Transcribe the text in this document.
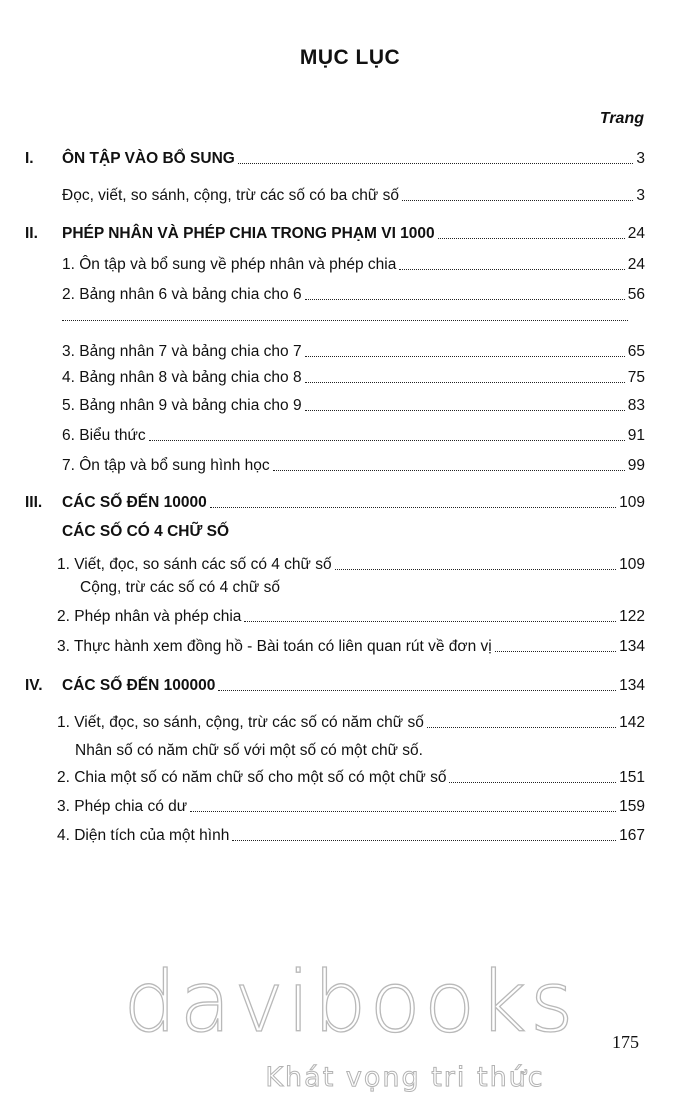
MỤC LỤC
Trang
I. ÔN TẬP VÀO BỔ SUNG	3
Đọc, viết, so sánh, cộng, trừ các số có ba chữ số	3
II. PHÉP NHÂN VÀ PHÉP CHIA TRONG PHẠM VI 1000	24
1. Ôn tập và bổ sung về phép nhân và phép chia	24
2. Bảng nhân 6 và bảng chia cho 6	56
3. Bảng nhân 7 và bảng chia cho 7	65
4. Bảng nhân 8 và bảng chia cho 8	75
5. Bảng nhân 9 và bảng chia cho 9	83
6. Biểu thức	91
7. Ôn tập và bổ sung hình học	99
III. CÁC SỐ ĐẾN 10000	109
CÁC SỐ CÓ 4 CHỮ SỐ
1. Viết, đọc, so sánh các số có 4 chữ số	109
Cộng, trừ các số có 4 chữ số
2. Phép nhân và phép chia	122
3. Thực hành xem đồng hồ - Bài toán có liên quan rút về đơn vị	134
IV. CÁC SỐ ĐẾN 100000	134
1. Viết, đọc, so sánh, cộng, trừ các số có năm chữ số	142
Nhân số có năm chữ số với một số có một chữ số.
2. Chia một số có năm chữ số cho một số có một chữ số	151
3. Phép chia có dư	159
4. Diện tích của một hình	167
davibooks
Khát vọng tri thức
175
